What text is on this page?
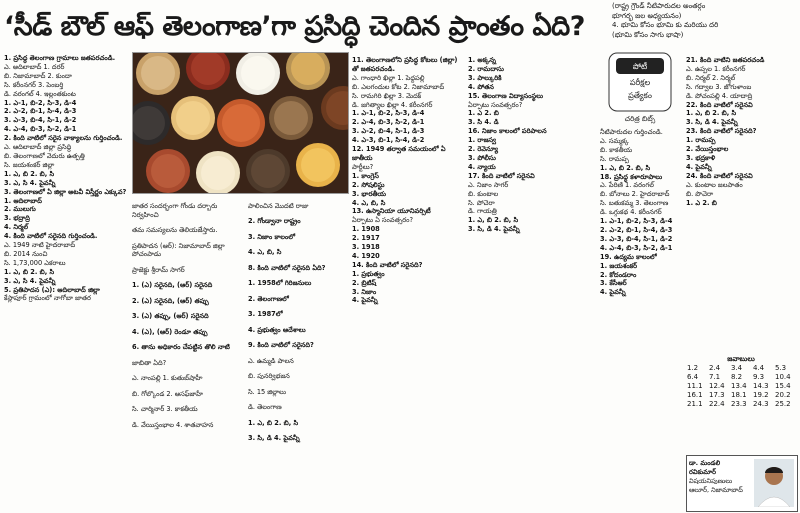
‘సీడ్ బౌల్ ఆఫ్ తెలంగాణ’గా ప్రసిద్ధి చెందిన ప్రాంతం ఏది?

(రాష్ట్ర గ్రౌండ్ నీటిపారుదల అంతర్గం

భూగర్భ జల అధ్యయనం)

4. భూమి కోసం భూమి కు మరియు దరి

(భూమి కోసం సాగు భాషా)

1. ప్రసిద్ధ తెలంగాణ గ్రామాలు జతపరచండి.

ఎ. అదిలాబాద్ 1. దరర్

బి. నిజామాబాద్ 2. కుందా

సి. కరీంనగర్ 3. పెంబర్తి

డి. వరంగల్ 4. ఇల్లంతకుంట

1. ఎ-1, బి-2, సి-3, డి-4

2. ఎ-2, బి-1, సి-4, డి-3

3. ఎ-3, బి-4, సి-1, డి-2

4. ఎ-4, బి-3, సి-2, డి-1

2. కింది వాటిలో సరైన వాక్యాలను గుర్తించండి.

ఎ. ఆదిలాబాద్ జిల్లా ప్రసిద్ధి

బి. తెలంగాణలో వెదురు ఉత్పత్తి

సి. జయశంకర్ జిల్లా

1. ఎ, బి 2. బి, సి

3. ఎ, సి 4. పైవన్నీ

3. తెలంగాణలో ఏ జిల్లా అటవీ విస్తీర్ణం ఎక్కువ?

1. ఆదిలాబాద్

2. ములుగు

3. భద్రాద్రి

4. నిర్మల్

4. కింది వాటిలో సరైనది గుర్తించండి.

ఎ. 1949 నాటి హైదరాబాద్

బి. 2014 నుంచి

సి. 1,73,000 ఎకరాలు

1. ఎ, బి 2. బి, సి

3. ఎ, సి 4. పైవన్నీ

5. ప్రతిపాదన (ఎ): ఆదిలాబాద్ జిల్లా

కేస్లాపూర్ గ్రామంలో నాగోబా జాతర

జాతర సందర్భంగా గోండు దర్బారు నిర్వహించి

తమ సమస్యలను తెలియజేస్తారు.

ప్రతిపాదన (ఆర్): నిజామాబాద్ జిల్లా పోచంపాడు

ప్రాజెక్టు శ్రీరామ్ సాగర్

1. (ఎ) సరైనది, (ఆర్) సరైనది

2. (ఎ) సరైనది, (ఆర్) తప్పు

3. (ఎ) తప్పు, (ఆర్) సరైనది

4. (ఎ), (ఆర్) రెండూ తప్పు

6. తాను అధికారం చేపట్టిన తొలి నాటి

జాబితా ఏది?

ఎ. నాంపల్లి 1. కుతుబ్‌షాహీ

బి. గోల్కొండ 2. ఆసఫ్‌జాహీ

సి. చార్మినార్ 3. కాకతీయ

డి. వేయిస్తంభాల 4. శాతవాహన

పాలించిన మొదటి రాజు

2. గోండ్వానా రాష్ట్రం

3. నిజాం కాలంలో

4. ఎ, బి, సి

8. కింది వాటిలో సరైనది ఏది?

1. 1958లో గిరిజనులు

2. తెలంగాణలో

3. 1987లో

4. ప్రభుత్వం ఆదేశాలు

9. కింది వాటిలో సరైనది?

ఎ. ఉమ్మడి పాలన

బి. పునర్విభజన

సి. 15 జిల్లాలు

డి. తెలంగాణ

1. ఎ, బి 2. బి, సి

3. సి, డి 4. పైవన్నీ

11. తెలంగాణలోని ప్రసిద్ధ కోటలు (జిల్లా) తో జతపరచండి.

ఎ. గాంధారి ఖిల్లా 1. పెద్దపల్లి

బి. ఎలగందుల కోట 2. నిజామాబాద్

సి. రామగిరి ఖిల్లా 3. మెదక్

డి. జగిత్యాల ఖిల్లా 4. కరీంనగర్

1. ఎ-1, బి-2, సి-3, డి-4

2. ఎ-4, బి-3, సి-2, డి-1

3. ఎ-2, బి-4, సి-1, డి-3

4. ఎ-3, బి-1, సి-4, డి-2

12. 1949 తర్వాత సమయంలో ఏ జాతీయ

పార్టీలు?

1. కాంగ్రెస్

2. సోషలిస్టు

3. భారతీయ

4. ఎ, బి, సి

13. ఉస్మానియా యూనివర్సిటీ

ఏర్పాటు ఏ సంవత్సరం?

1. 1908

2. 1917

3. 1918

4. 1920

14. కింది వాటిలో సరైనది?

1. ప్రభుత్వం

2. బ్రిటిష్

3. నిజాం

4. పైవన్నీ

1. అక్కన్న

2. రామదాసు

3. పాల్కురికి

4. పోతన

15. తెలంగాణ విద్యాసంస్థలు

ఏర్పాటు సంవత్సరం?

1. ఎ 2. బి

3. సి 4. డి

16. నిజాం కాలంలో పరిపాలన

1. రాజస్వ

2. రెవెన్యూ

3. పోలీసు

4. న్యాయ

17. కింది వాటిలో సరైనవి

ఎ. నిజాం సాగర్

బి. కుంటాల

సి. పోచెరా

డి. గాయత్రి

1. ఎ, బి 2. బి, సి

3. సి, డి 4. పైవన్నీ

పోటీ
పరీక్షల
ప్రత్యేకం
చరిత్ర బిట్స్

నీటిపారుదల గుర్తించండి.

ఎ. సమ్మక్క

బి. కాకతీయ

సి. రామప్ప

1. ఎ, బి 2. బి, సి

18. ప్రసిద్ధ కళారూపాలు

ఎ. పేరిణి 1. వరంగల్

బి. బోనాలు 2. హైదరాబాద్

సి. బతుకమ్మ 3. తెలంగాణ

డి. ఒగ్గుకథ 4. కరీంనగర్

1. ఎ-1, బి-2, సి-3, డి-4

2. ఎ-2, బి-1, సి-4, డి-3

3. ఎ-3, బి-4, సి-1, డి-2

4. ఎ-4, బి-3, సి-2, డి-1

19. ఉద్యమ కాలంలో

1. జయశంకర్

2. కోదండరాం

3. కేసీఆర్

4. పైవన్నీ

21. కింది వాటిని జతపరచండి

ఎ. ఉప్పల 1. కరీంనగర్

బి. నిర్మల్ 2. నిర్మల్

సి. గద్వాల 3. జోగుళాంబ

డి. పోచంపల్లి 4. యాదాద్రి

22. కింది వాటిలో సరైనవి

1. ఎ, బి 2. బి, సి

3. సి, డి 4. పైవన్నీ

23. కింది వాటిలో సరైనది?

1. రామప్ప

2. వేయిస్తంభాల

3. భద్రకాళి

4. పైవన్నీ

24. కింది వాటిలో సరైనవి

ఎ. కుంటాల జలపాతం

బి. పొచెరా

1. ఎ 2. బి

జవాబులు
1.2	2.4	3.4	4.4	5.3
6.4	7.1	8.2	9.3	10.4
11.1	12.4	13.4	14.3	15.4
16.1	17.3	18.1	19.2	20.2
21.1	22.4	23.3	24.3	25.2
డా. మండలి రవికుమార్
విషయనిపుణులు
ఆలూర్, నిజామాబాద్
